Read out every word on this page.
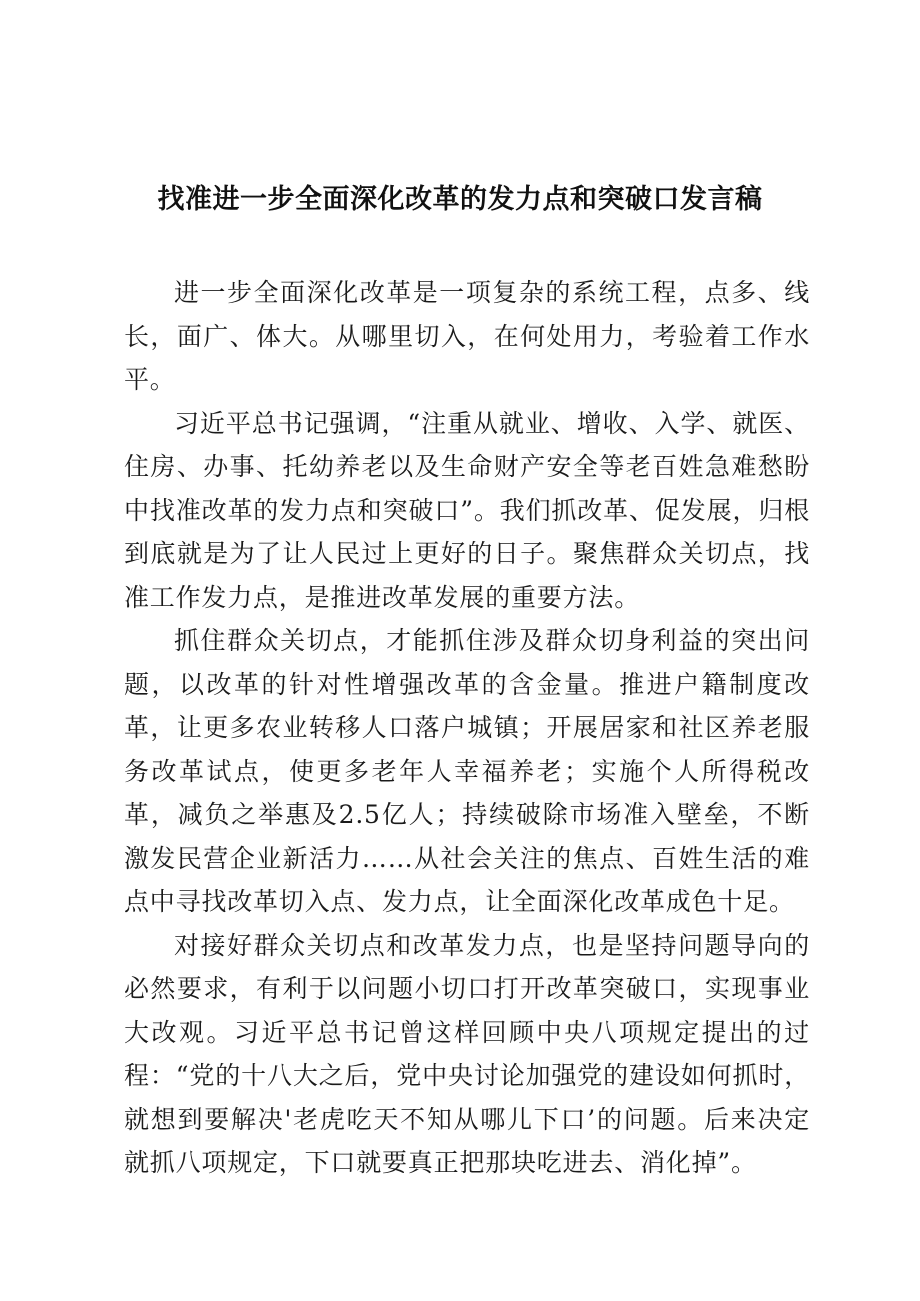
找准进一步全面深化改革的发力点和突破口发言稿

进一步全面深化改革是一项复杂的系统工程，点多、线长，面广、体大。从哪里切入，在何处用力，考验着工作水平。

习近平总书记强调，“注重从就业、增收、入学、就医、住房、办事、托幼养老以及生命财产安全等老百姓急难愁盼中找准改革的发力点和突破口”。我们抓改革、促发展，归根到底就是为了让人民过上更好的日子。聚焦群众关切点，找准工作发力点，是推进改革发展的重要方法。

抓住群众关切点，才能抓住涉及群众切身利益的突出问题，以改革的针对性增强改革的含金量。推进户籍制度改革，让更多农业转移人口落户城镇；开展居家和社区养老服务改革试点，使更多老年人幸福养老；实施个人所得税改革，减负之举惠及2.5亿人；持续破除市场准入壁垒，不断激发民营企业新活力……从社会关注的焦点、百姓生活的难点中寻找改革切入点、发力点，让全面深化改革成色十足。

对接好群众关切点和改革发力点，也是坚持问题导向的必然要求，有利于以问题小切口打开改革突破口，实现事业大改观。习近平总书记曾这样回顾中央八项规定提出的过程：“党的十八大之后，党中央讨论加强党的建设如何抓时，就想到要解决'老虎吃天不知从哪儿下口’的问题。后来决定就抓八项规定，下口就要真正把那块吃进去、消化掉”。
